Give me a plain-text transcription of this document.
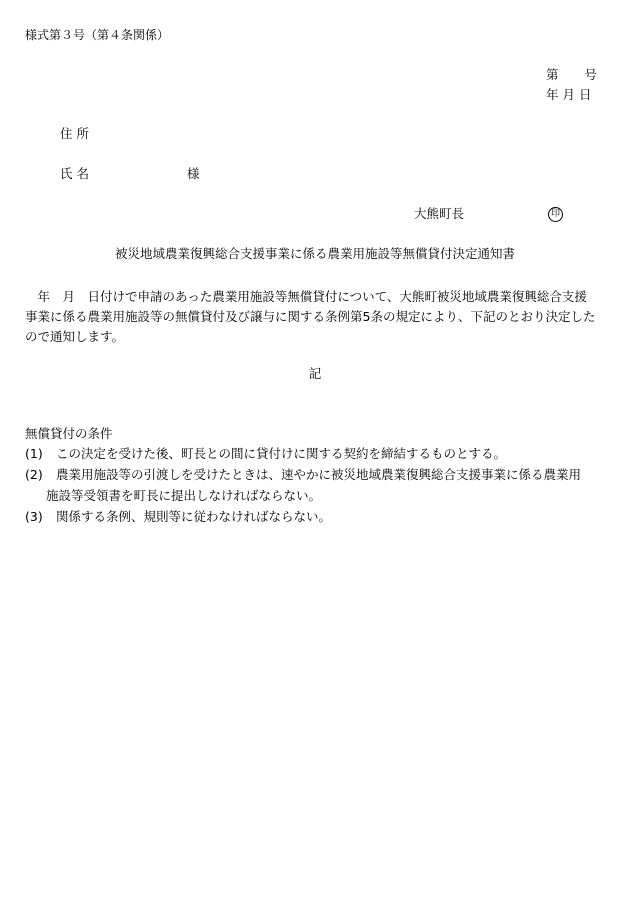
様式第３号（第４条関係）
第　　号
年 月 日
住 所
氏 名	様
大熊町長	印
被災地域農業復興総合支援事業に係る農業用施設等無償貸付決定通知書
　年　月　日付けで申請のあった農業用施設等無償貸付について、大熊町被災地域農業復興総合支援
事業に係る農業用施設等の無償貸付及び譲与に関する条例第5条の規定により、下記のとおり決定した
ので通知します。
記
無償貸付の条件
(1) この決定を受けた後、町長との間に貸付けに関する契約を締結するものとする。
(2) 農業用施設等の引渡しを受けたときは、速やかに被災地域農業復興総合支援事業に係る農業用
施設等受領書を町長に提出しなければならない。
(3) 関係する条例、規則等に従わなければならない。
